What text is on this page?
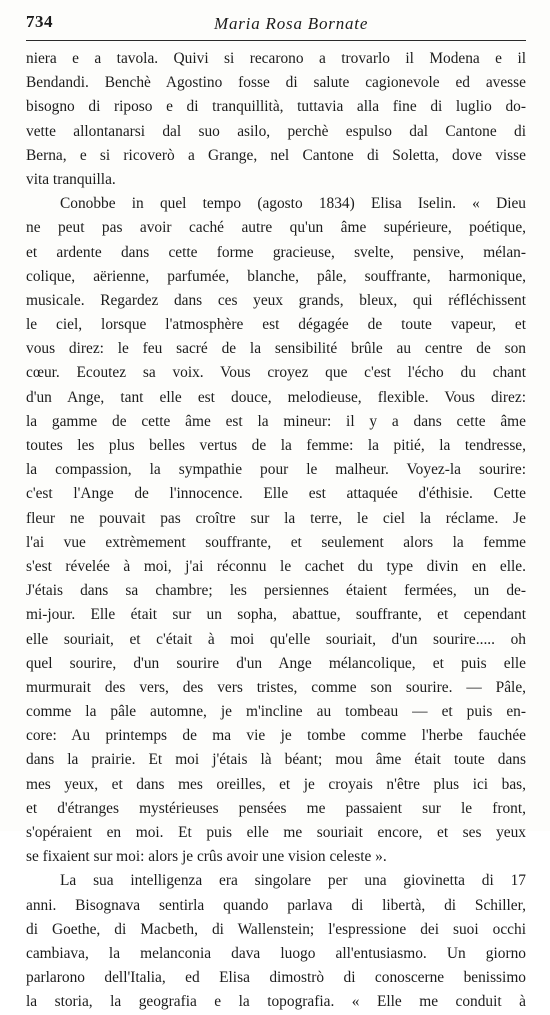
734	Maria Rosa Bornate
niera e a tavola. Quivi si recarono a trovarlo il Modena e il
Bendandi. Benchè Agostino fosse di salute cagionevole ed avesse
bisogno di riposo e di tranquillità, tuttavia alla fine di luglio do-
vette allontanarsi dal suo asilo, perchè espulso dal Cantone di
Berna, e si ricoverò a Grange, nel Cantone di Soletta, dove visse
vita tranquilla.
Conobbe in quel tempo (agosto 1834) Elisa Iselin. « Dieu
ne peut pas avoir caché autre qu'un âme supérieure, poétique,
et ardente dans cette forme gracieuse, svelte, pensive, mélan-
colique, aërienne, parfumée, blanche, pâle, souffrante, harmonique,
musicale. Regardez dans ces yeux grands, bleux, qui réfléchissent
le ciel, lorsque l'atmosphère est dégagée de toute vapeur, et
vous direz: le feu sacré de la sensibilité brûle au centre de son
cœur. Ecoutez sa voix. Vous croyez que c'est l'écho du chant
d'un Ange, tant elle est douce, melodieuse, flexible. Vous direz:
la gamme de cette âme est la mineur: il y a dans cette âme
toutes les plus belles vertus de la femme: la pitié, la tendresse,
la compassion, la sympathie pour le malheur. Voyez-la sourire:
c'est l'Ange de l'innocence. Elle est attaquée d'éthisie. Cette
fleur ne pouvait pas croître sur la terre, le ciel la réclame. Je
l'ai vue extrèmement souffrante, et seulement alors la femme
s'est révelée à moi, j'ai réconnu le cachet du type divin en elle.
J'étais dans sa chambre; les persiennes étaient fermées, un de-
mi-jour. Elle était sur un sopha, abattue, souffrante, et cependant
elle souriait, et c'était à moi qu'elle souriait, d'un sourire..... oh
quel sourire, d'un sourire d'un Ange mélancolique, et puis elle
murmurait des vers, des vers tristes, comme son sourire. — Pâle,
comme la pâle automne, je m'incline au tombeau — et puis en-
core: Au printemps de ma vie je tombe comme l'herbe fauchée
dans la prairie. Et moi j'étais là béant; mou âme était toute dans
mes yeux, et dans mes oreilles, et je croyais n'être plus ici bas,
et d'étranges mystérieuses pensées me passaient sur le front,
s'opéraient en moi. Et puis elle me souriait encore, et ses yeux
se fixaient sur moi: alors je crûs avoir une vision celeste ».
La sua intelligenza era singolare per una giovinetta di 17
anni. Bisognava sentirla quando parlava di libertà, di Schiller,
di Goethe, di Macbeth, di Wallenstein; l'espressione dei suoi occhi
cambiava, la melanconia dava luogo all'entusiasmo. Un giorno
parlarono dell'Italia, ed Elisa dimostrò di conoscerne benissimo
la storia, la geografia e la topografia. « Elle me conduit à
